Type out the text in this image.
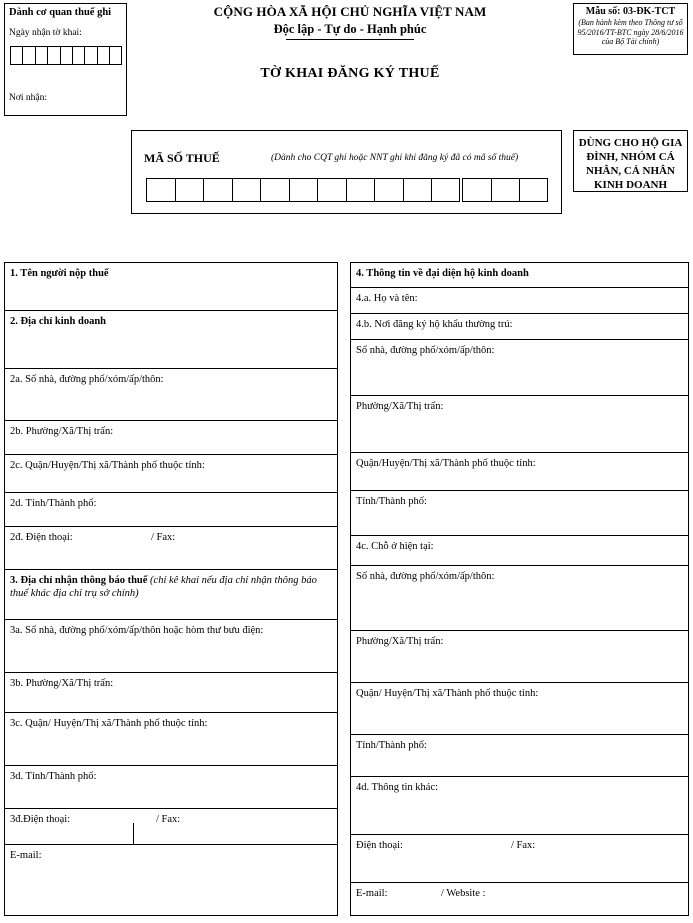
Dành cơ quan thuế ghi
Ngày nhận tờ khai:
Nơi nhận:
CỘNG HÒA XÃ HỘI CHỦ NGHĨA VIỆT NAM
Độc lập - Tự do - Hạnh phúc
TỜ KHAI ĐĂNG KÝ THUẾ
Mẫu số: 03-ĐK-TCT
(Ban hành kèm theo Thông tư số 95/2016/TT-BTC ngày 28/6/2016 của Bộ Tài chính)
MÃ SỐ THUẾ	(Dành cho CQT ghi hoặc NNT ghi khi đăng ký đã có mã số thuế)
DÙNG CHO HỘ GIA ĐÌNH, NHÓM CÁ NHÂN, CÁ NHÂN KINH DOANH
1. Tên người nộp thuế
2. Địa chỉ kinh doanh
2a. Số nhà, đường phố/xóm/ấp/thôn:
2b. Phường/Xã/Thị trấn:
2c. Quận/Huyện/Thị xã/Thành phố thuộc tỉnh:
2d. Tỉnh/Thành phố:
2đ. Điện thoại:	/ Fax:
3. Địa chỉ nhận thông báo thuế (chỉ kê khai nếu địa chỉ nhận thông báo thuế khác địa chỉ trụ sở chính)
3a. Số nhà, đường phố/xóm/ấp/thôn hoặc hòm thư bưu điện:
3b. Phường/Xã/Thị trấn:
3c. Quận/ Huyện/Thị xã/Thành phố thuộc tỉnh:
3d. Tỉnh/Thành phố:
3đ.Điện thoại:	/ Fax:
E-mail:
4. Thông tin về đại diện hộ kinh doanh
4.a. Họ và tên:
4.b. Nơi đăng ký hộ khẩu thường trú:
Số nhà, đường phố/xóm/ấp/thôn:
Phường/Xã/Thị trấn:
Quận/Huyện/Thị xã/Thành phố thuộc tỉnh:
Tỉnh/Thành phố:
4c. Chỗ ở hiện tại:
Số nhà, đường phố/xóm/ấp/thôn:
Phường/Xã/Thị trấn:
Quận/ Huyện/Thị xã/Thành phố thuộc tỉnh:
Tỉnh/Thành phố:
4d. Thông tin khác:
Điện thoại:	/ Fax:
E-mail:	/ Website :
